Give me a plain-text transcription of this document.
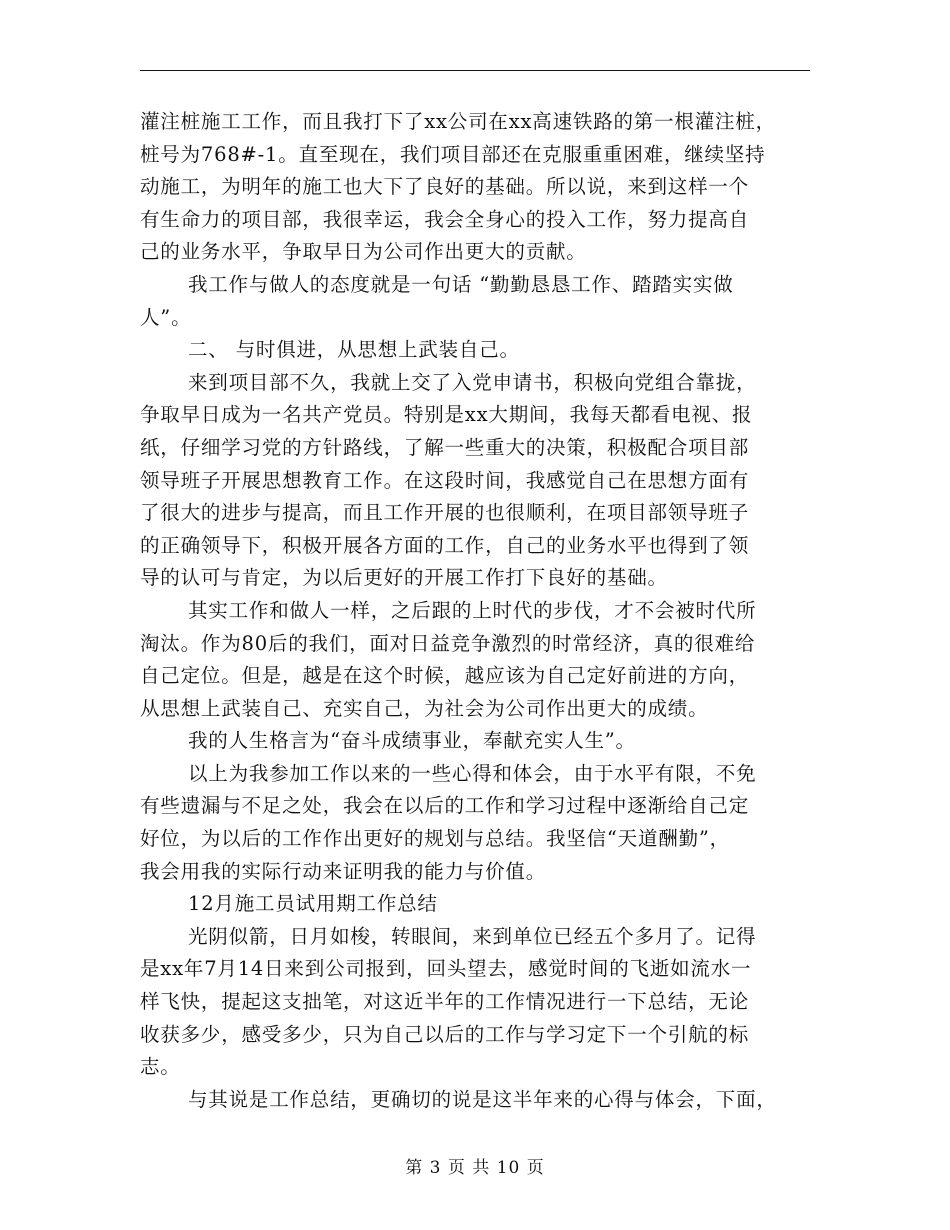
灌注桩施工工作，而且我打下了xx公司在xx高速铁路的第一根灌注桩，
桩号为768#-1。直至现在，我们项目部还在克服重重困难，继续坚持
动施工，为明年的施工也大下了良好的基础。所以说，来到这样一个
有生命力的项目部，我很幸运，我会全身心的投入工作，努力提高自
己的业务水平，争取早日为公司作出更大的贡献。
我工作与做人的态度就是一句话 “勤勤恳恳工作、踏踏实实做
人”。
二、 与时俱进，从思想上武装自己。
来到项目部不久，我就上交了入党申请书，积极向党组合靠拢，
争取早日成为一名共产党员。特别是xx大期间，我每天都看电视、报
纸，仔细学习党的方针路线，了解一些重大的决策，积极配合项目部
领导班子开展思想教育工作。在这段时间，我感觉自己在思想方面有
了很大的进步与提高，而且工作开展的也很顺利，在项目部领导班子
的正确领导下，积极开展各方面的工作，自己的业务水平也得到了领
导的认可与肯定，为以后更好的开展工作打下良好的基础。
其实工作和做人一样，之后跟的上时代的步伐，才不会被时代所
淘汰。作为80后的我们，面对日益竞争激烈的时常经济，真的很难给
自己定位。但是，越是在这个时候，越应该为自己定好前进的方向，
从思想上武装自己、充实自己，为社会为公司作出更大的成绩。
我的人生格言为“奋斗成绩事业，奉献充实人生”。
以上为我参加工作以来的一些心得和体会，由于水平有限，不免
有些遗漏与不足之处，我会在以后的工作和学习过程中逐渐给自己定
好位，为以后的工作作出更好的规划与总结。我坚信“天道酬勤”，
我会用我的实际行动来证明我的能力与价值。
12月施工员试用期工作总结
光阴似箭，日月如梭，转眼间，来到单位已经五个多月了。记得
是xx年7月14日来到公司报到，回头望去，感觉时间的飞逝如流水一
样飞快，提起这支拙笔，对这近半年的工作情况进行一下总结，无论
收获多少，感受多少，只为自己以后的工作与学习定下一个引航的标
志。
与其说是工作总结，更确切的说是这半年来的心得与体会，下面，
第 3 页 共 10 页
